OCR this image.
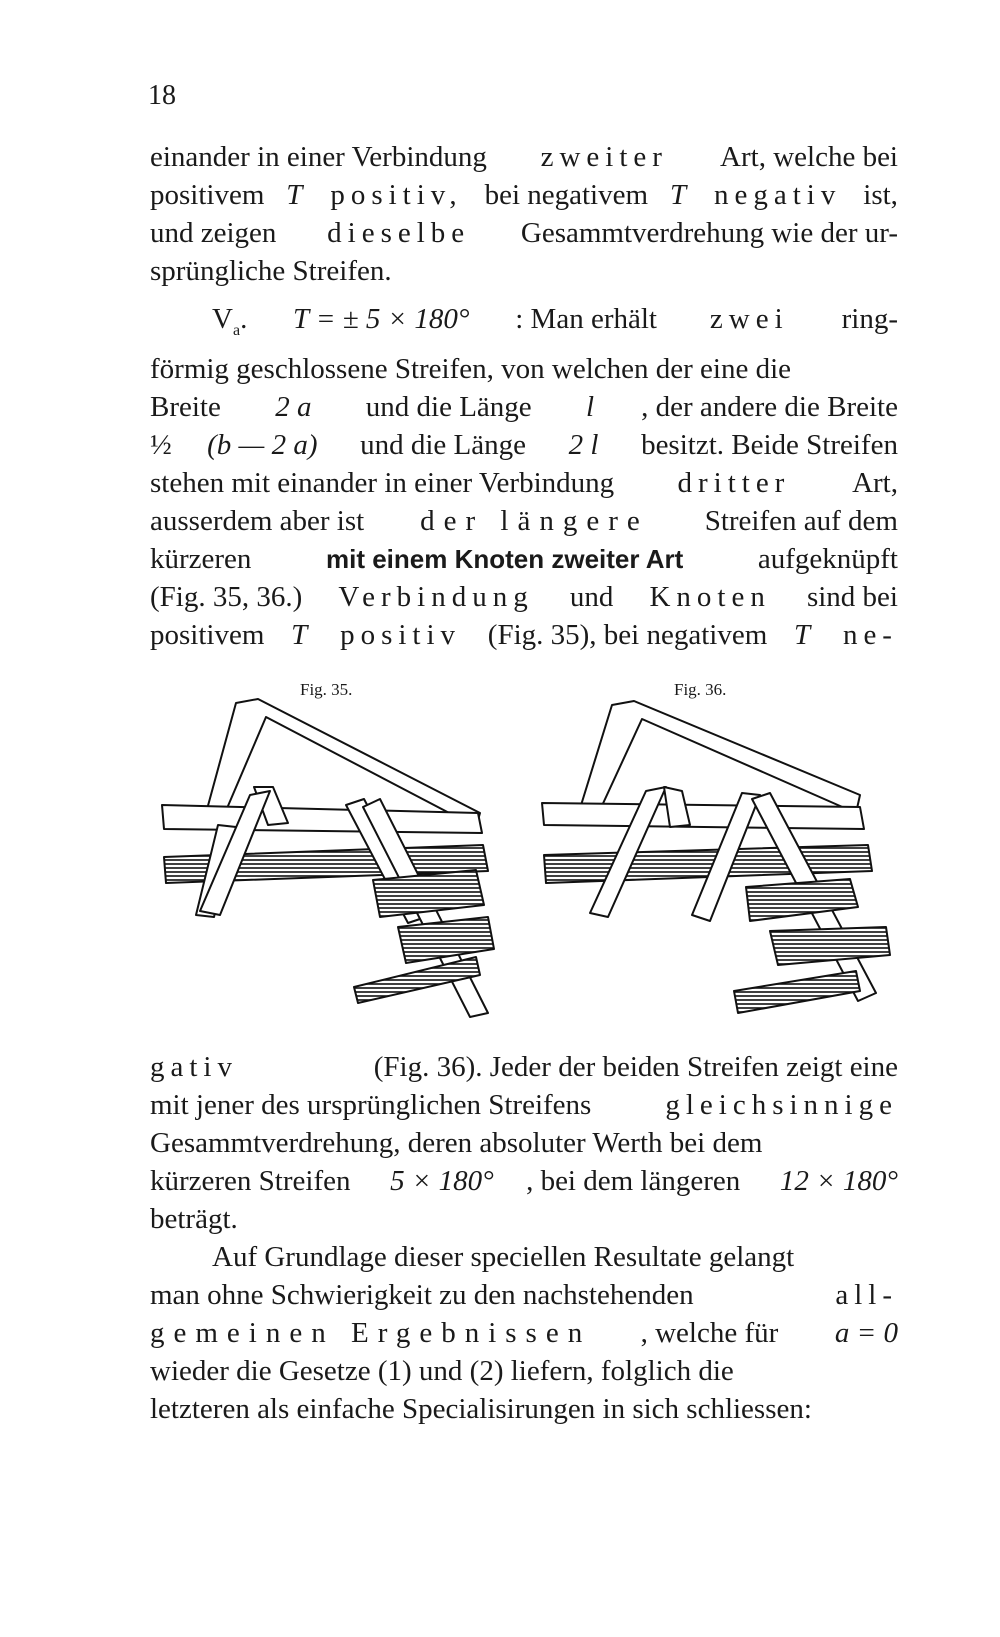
18
einander in einer Verbindung zweiter Art, welche bei
positivem T positiv, bei negativem T negativ ist,
und zeigen dieselbe Gesammtverdrehung wie der ur-
sprüngliche Streifen.
$V_a$. T = ± 5 × 180° : Man erhält zwei ring-
förmig geschlossene Streifen, von welchen der eine die
Breite 2 a und die Länge l , der andere die Breite
½ (b — 2 a) und die Länge 2 l besitzt. Beide Streifen
stehen mit einander in einer Verbindung dritter Art,
ausserdem aber ist der längere Streifen auf dem
kürzeren	mit einem Knoten zweiter Art aufgeknüpft
(Fig. 35, 36.) Verbindung und Knoten sind bei
positivem T positiv (Fig. 35), bei negativem T ne-
Fig. 35.	Fig. 36.
gativ	(Fig. 36). Jeder der beiden Streifen zeigt eine
mit jener des ursprünglichen Streifens gleichsinnige
Gesammtverdrehung, deren absoluter Werth bei dem
kürzeren Streifen 5 × 180° , bei dem längeren 12 × 180°
beträgt.
Auf Grundlage dieser speciellen Resultate gelangt
man ohne Schwierigkeit zu den nachstehenden	all-
gemeinen Ergebnissen , welche für a = 0
wieder die Gesetze (1) und (2) liefern, folglich die
letzteren als einfache Specialisirungen in sich schliessen:
